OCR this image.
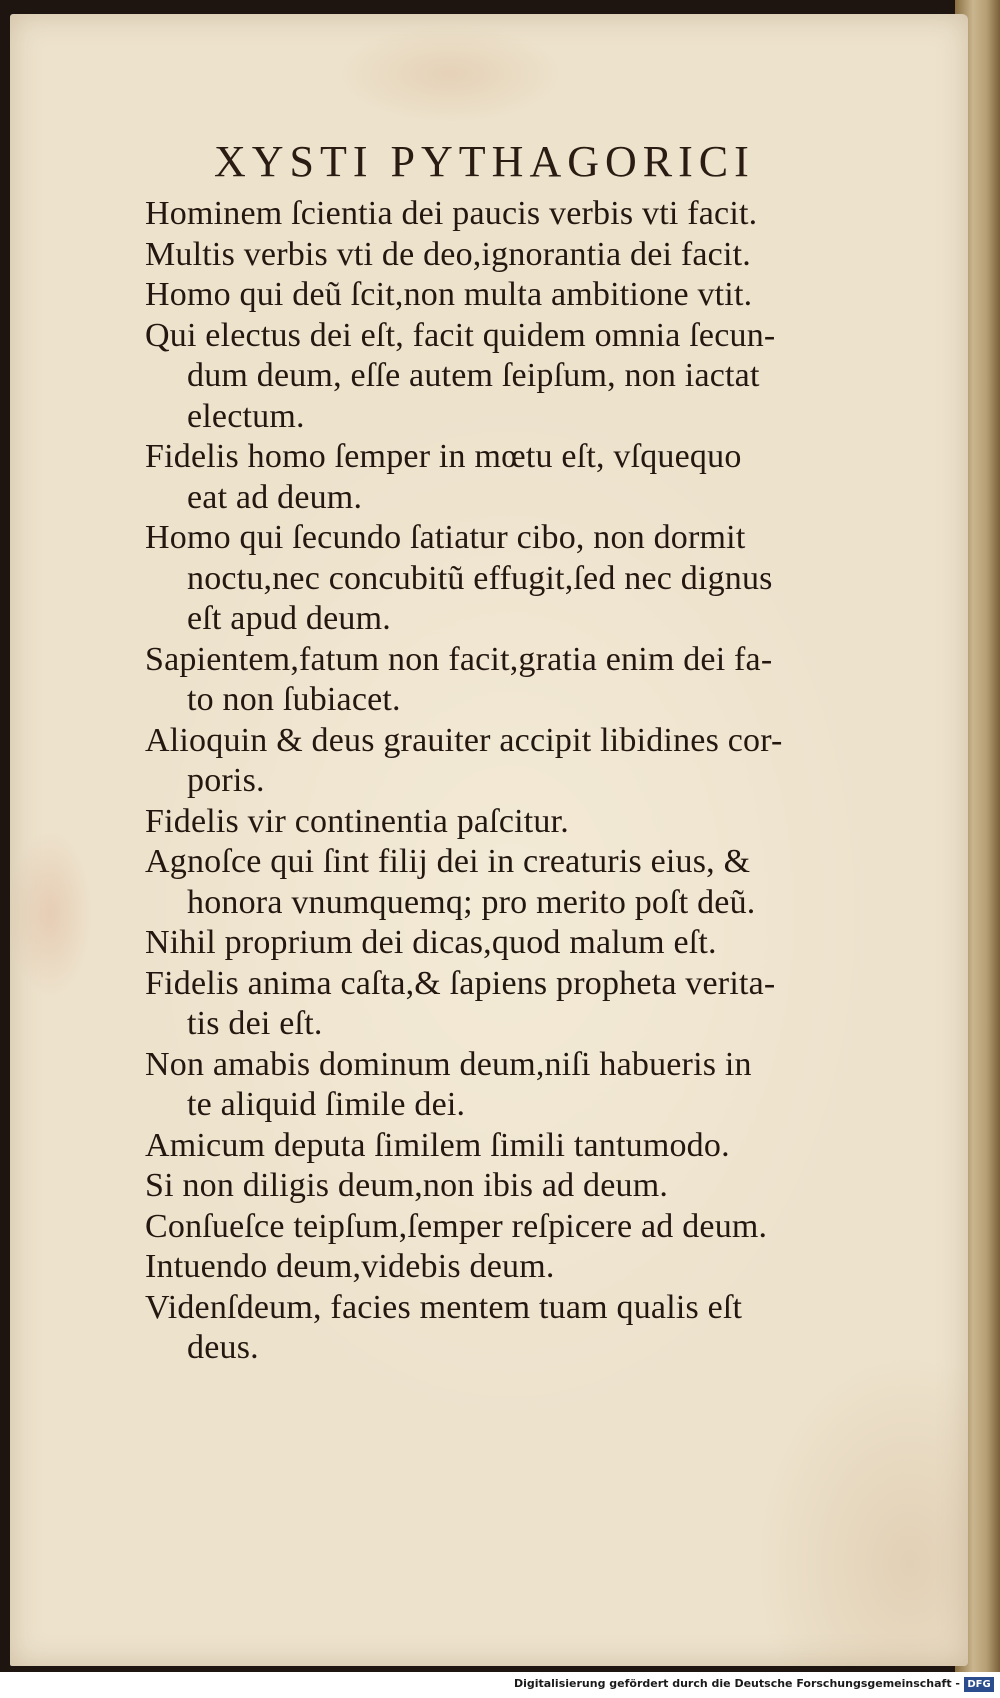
XYSTI PYTHAGORICI

Hominem ſcientia dei paucis verbis vti facit.

Multis verbis vti de deo,ignorantia dei facit.

Homo qui deũ ſcit,non multa ambitione vtit.

Qui electus dei eſt, facit quidem omnia ſecun-
dum deum, eſſe autem ſeipſum, non iactat
electum.

Fidelis homo ſemper in mœtu eſt, vſquequo
eat ad deum.

Homo qui ſecundo ſatiatur cibo, non dormit
noctu,nec concubitũ effugit,ſed nec dignus
eſt apud deum.

Sapientem,fatum non facit,gratia enim dei fa-
to non ſubiacet.

Alioquin & deus grauiter accipit libidines cor-
poris.

Fidelis vir continentia paſcitur.

Agnoſce qui ſint filij dei in creaturis eius, &
honora vnumquemq; pro merito poſt deũ.

Nihil proprium dei dicas,quod malum eſt.

Fidelis anima caſta,& ſapiens propheta verita-
tis dei eſt.

Non amabis dominum deum,niſi habueris in
te aliquid ſimile dei.

Amicum deputa ſimilem ſimili tantumodo.

Si non diligis deum,non ibis ad deum.

Conſueſce teipſum,ſemper reſpicere ad deum.

Intuendo deum,videbis deum.

Videnſdeum, facies mentem tuam qualis eſt
deus.

Digitalisierung gefördert durch die Deutsche Forschungsgemeinschaft - DFG
